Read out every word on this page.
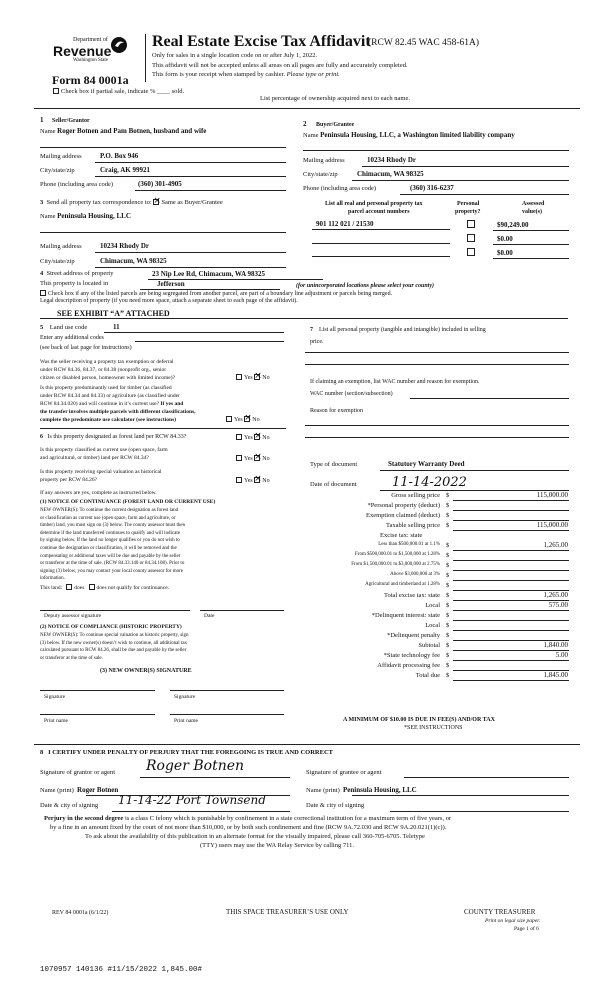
Department of
Revenue
Washington State
Form 84 0001a
Real Estate Excise Tax Affidavit
(RCW 82.45 WAC 458-61A)
Only for sales in a single location code on or after July 1, 2022.
This affidavit will not be accepted unless all areas on all pages are fully and accurately completed.
This form is your receipt when stamped by cashier. Please type or print.
Check box if partial sale, indicate % ____ sold.
List percentage of ownership acquired next to each name.
1 Seller/Grantor
Name Roger Botnen and Pam Botnen, husband and wife
Mailing address	P.O. Box 946
City/state/zip	Craig, AK 99921
Phone (including area code)	(360) 301-4905
2 Buyer/Grantee
Name Peninsula Housing, LLC, a Washington limited liability company
Mailing address	10234 Rhody Dr
City/state/zip	Chimacum, WA 98325
Phone (including area code)	(360) 316-6237
3 Send all property tax correspondence to: × Same as Buyer/Grantee
Name Peninsula Housing, LLC
Mailing address	10234 Rhody Dr
City/state/zip	Chimacum, WA 98325
List all real and personal property tax
parcel account numbers
Personal
property?
Assessed
value(s)
901 112 021 / 21530	$90,249.00
$0.00
$0.00
4 Street address of property	23 Nip Lee Rd, Chimacum, WA 98325
This property is located in	Jefferson	(for unincorporated locations please select your county)
Check box if any of the listed parcels are being segregated from another parcel, are part of a boundary line adjustment or parcels being merged.
Legal description of property (if you need more space, attach a separate sheet to each page of the affidavit).
SEE EXHIBIT “A” ATTACHED
5 Land use code	11
Enter any additional codes
(see back of last page for instructions)
Was the seller receiving a property tax exemption or deferral
under RCW 84.36, 84.37, or 84.38 (nonprofit org., senior
citizen or disabled person, homeowner with limited income)?	Yes × No
Is this property predominantly used for timber (as classified
under RCW 84.34 and 84.33) or agriculture (as classified under
RCW 84.34.020) and will continue in it’s current use? If yes and
the transfer involves multiple parcels with different classifications,
complete the predominate use calculator (see instructions)	Yes × No
6 Is this property designated as forest land per RCW 84.33?	Yes × No
Is this property classified as current use (open space, farm
and agricultural, or timber) land per RCW 84.34?	Yes × No
Is this property receiving special valuation as historical
property per RCW 84.26?	Yes × No
If any answers are yes, complete as instructed below.
(1) NOTICE OF CONTINUANCE (FOREST LAND OR CURRENT USE)
NEW OWNER(S): To continue the current designation as forest land
or classification as current use (open space, farm and agriculture, or
timber) land, you must sign on (3) below. The county assessor must then
determine if the land transferred continues to qualify and will indicate
by signing below. If the land no longer qualifies or you do not wish to
continue the designation or classification, it will be removed and the
compensating or additional taxes will be due and payable by the seller
or transferor at the time of sale. (RCW 84.33.140 or 84.34.108). Prior to
signing (3) below, you may contact your local county assessor for more
information.
This land: does does not qualify for continuance.
Deputy assessor signature	Date
(2) NOTICE OF COMPLIANCE (HISTORIC PROPERTY)
NEW OWNER(S): To continue special valuation as historic property, sign
(3) below. If the new owner(s) doesn’t wish to continue, all additional tax
calculated pursuant to RCW 84.26, shall be due and payable by the seller
or transferor at the time of sale.
(3) NEW OWNER(S) SIGNATURE
Signature	Signature
Print name	Print name
7 List all personal property (tangible and intangible) included in selling
price.
If claiming an exemption, list WAC number and reason for exemption.
WAC number (section/subsection)
Reason for exemption
Type of document	Statutory Warranty Deed
Date of document	11-14-2022
Gross selling price $	115,000.00
*Personal property (deduct) $
Exemption claimed (deduct) $
Taxable selling price $	115,000.00
Excise tax: state
Less than $500,000.01 at 1.1% $	1,265.00
From $500,000.01 to $1,500,000 at 1.28% $
From $1,500,000.01 to $3,000,000 at 2.75% $
Above $3,000,000 at 3% $
Agricultural and timberland at 1.28% $
Total excise tax: state $	1,265.00
Local $	575.00
*Delinquent interest: state $
Local $
*Delinquent penalty $
Subtotal $	1,840.00
*State technology fee $	5.00
Affidavit processing fee $
Total due $	1,845.00
A MINIMUM OF $10.00 IS DUE IN FEE(S) AND/OR TAX
*SEE INSTRUCTIONS
8 I CERTIFY UNDER PENALTY OF PERJURY THAT THE FOREGOING IS TRUE AND CORRECT
Signature of grantor or agent Roger Botnen	Signature of grantee or agent
Name (print) Roger Botnen	Name (print) Peninsula Housing, LLC
Date & city of signing 11-14-22 Port Townsend	Date & city of signing
Perjury in the second degree is a class C felony which is punishable by confinement in a state correctional institution for a maximum term of five years, or
by a fine in an amount fixed by the court of not more than $10,000, or by both such confinement and fine (RCW 9A.72.030 and RCW 9A.20.021(1)(c)).
To ask about the availability of this publication in an alternate format for the visually impaired, please call 360-705-6705. Teletype
(TTY) users may use the WA Relay Service by calling 711.
REV 84 0001a (6/1/22)	THIS SPACE TREASURER’S USE ONLY	COUNTY TREASURER
Print on legal size paper.
Page 1 of 6
1070957 140136 #11/15/2022 1,845.00#
